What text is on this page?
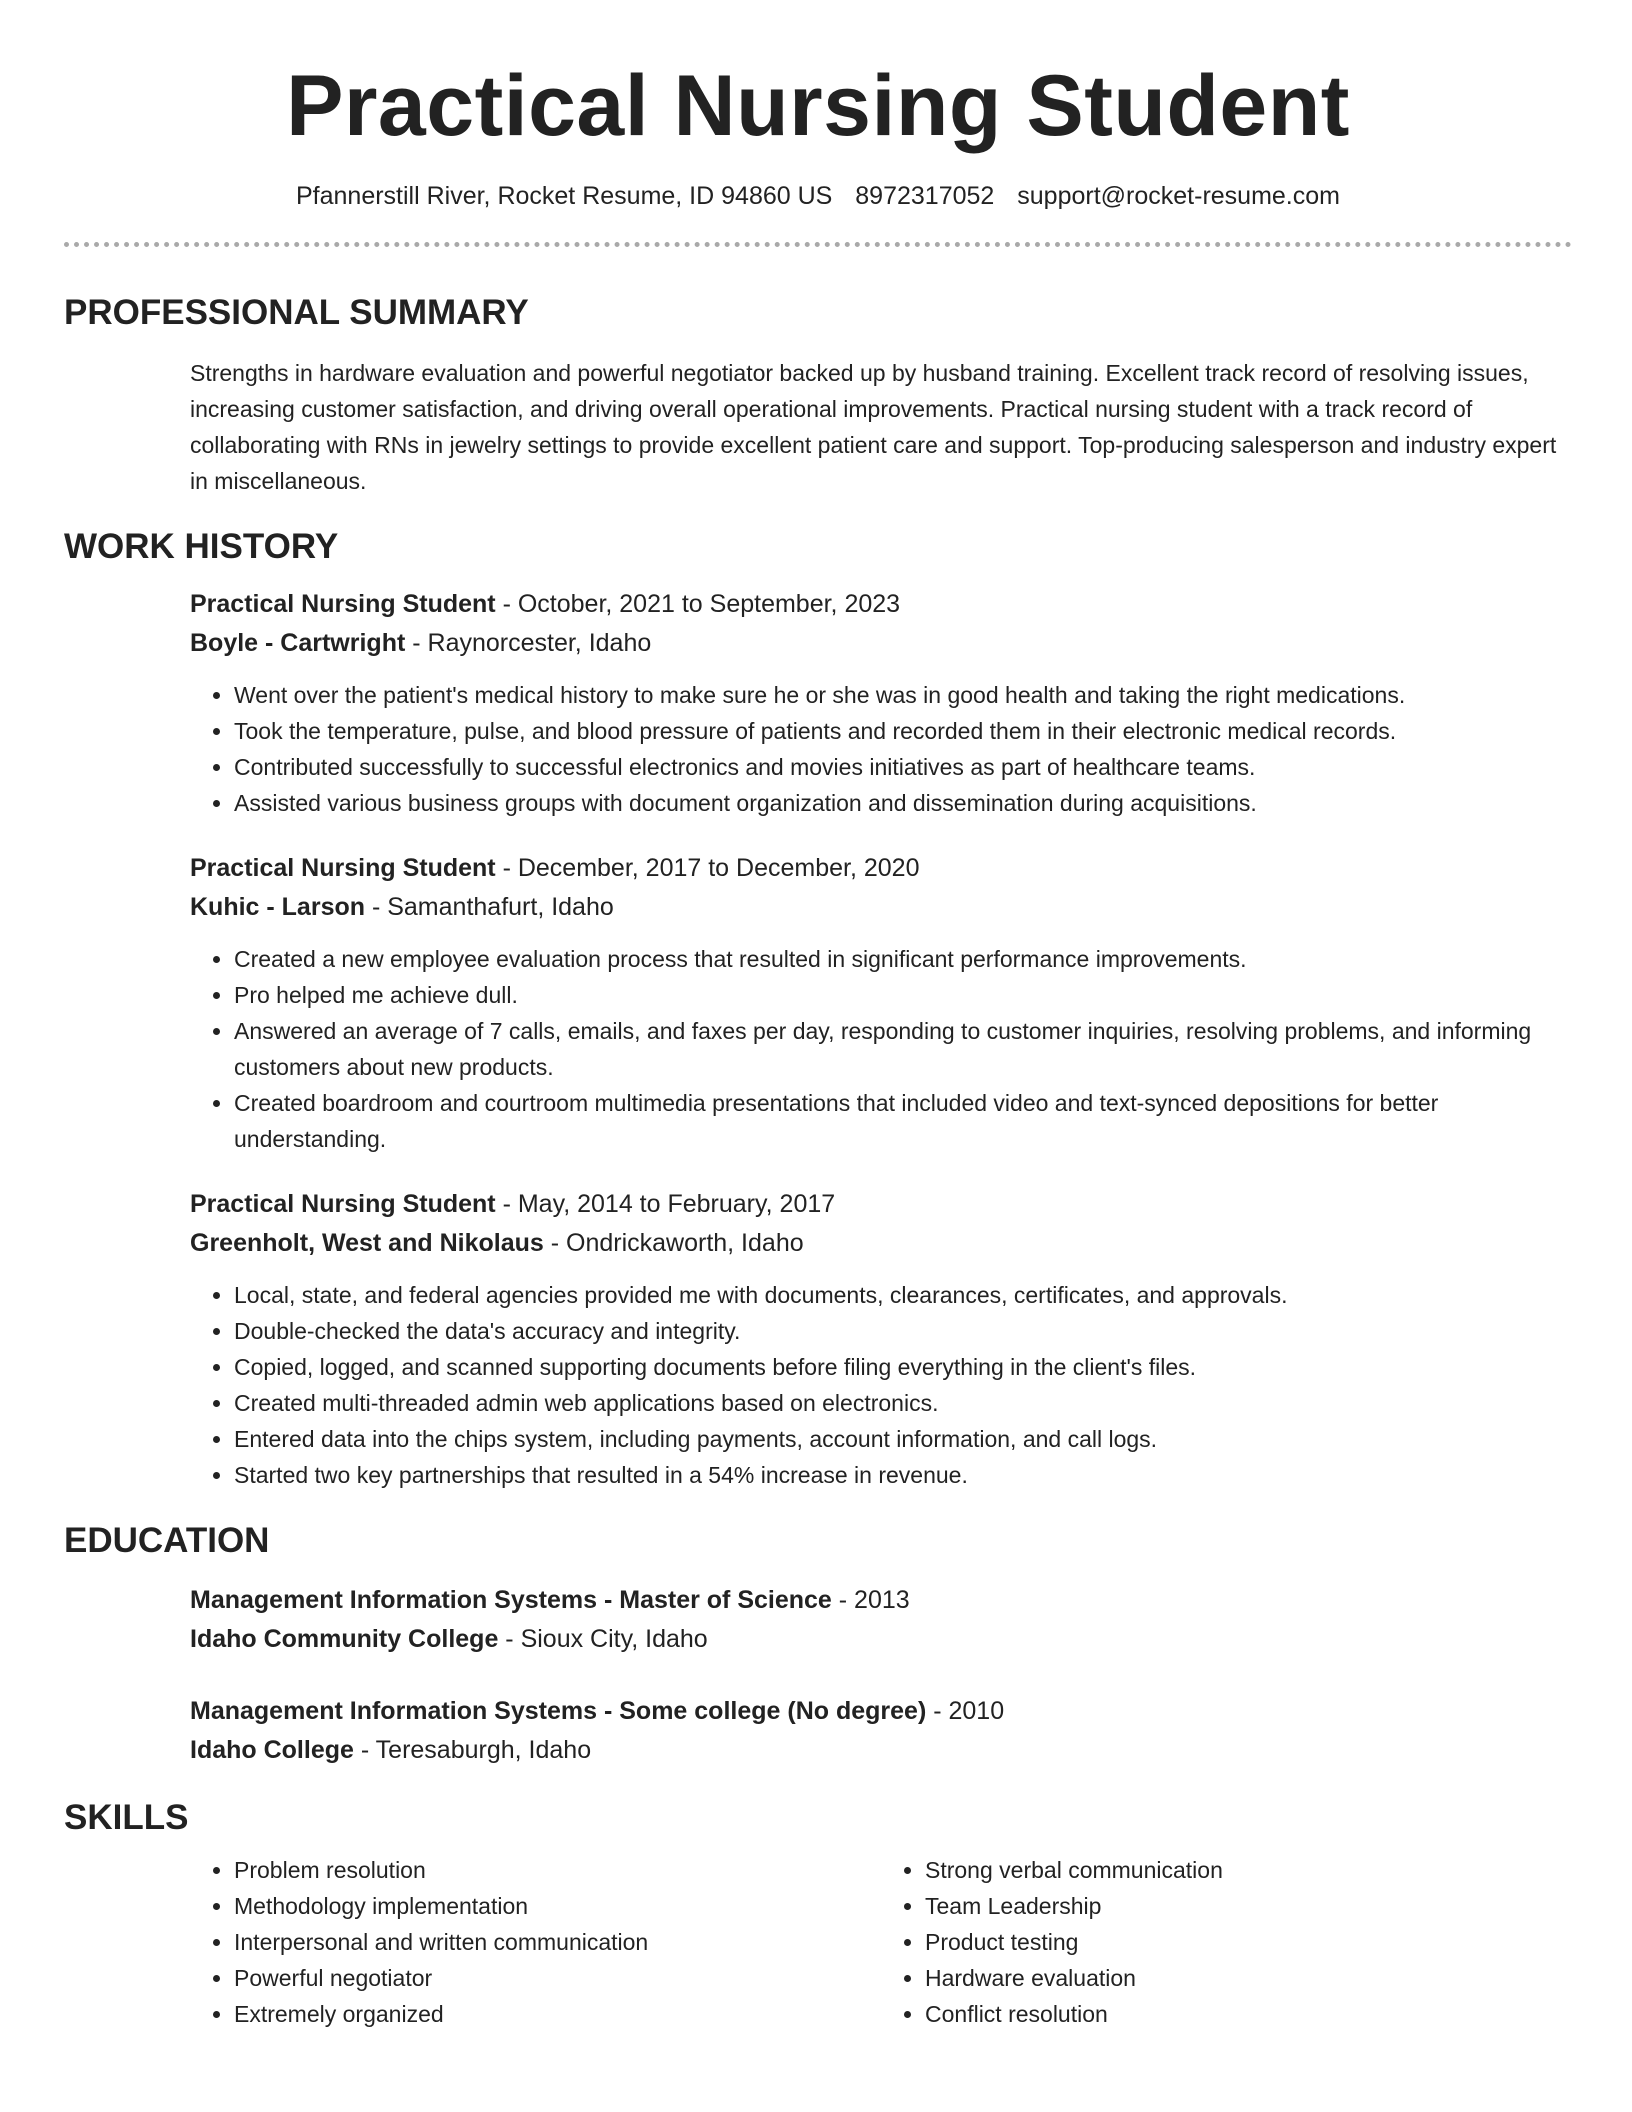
Practical Nursing Student
Pfannerstill River, Rocket Resume, ID 94860 US 8972317052 support@rocket-resume.com
PROFESSIONAL SUMMARY

Strengths in hardware evaluation and powerful negotiator backed up by husband training. Excellent track record of resolving issues, increasing customer satisfaction, and driving overall operational improvements. Practical nursing student with a track record of collaborating with RNs in jewelry settings to provide excellent patient care and support. Top-producing salesperson and industry expert in miscellaneous.

WORK HISTORY
Practical Nursing Student - October, 2021 to September, 2023
Boyle - Cartwright - Raynorcester, Idaho
• Went over the patient's medical history to make sure he or she was in good health and taking the right medications.
• Took the temperature, pulse, and blood pressure of patients and recorded them in their electronic medical records.
• Contributed successfully to successful electronics and movies initiatives as part of healthcare teams.
• Assisted various business groups with document organization and dissemination during acquisitions.
Practical Nursing Student - December, 2017 to December, 2020
Kuhic - Larson - Samanthafurt, Idaho
• Created a new employee evaluation process that resulted in significant performance improvements.
• Pro helped me achieve dull.
• Answered an average of 7 calls, emails, and faxes per day, responding to customer inquiries, resolving problems, and informing customers about new products.
• Created boardroom and courtroom multimedia presentations that included video and text-synced depositions for better understanding.
Practical Nursing Student - May, 2014 to February, 2017
Greenholt, West and Nikolaus - Ondrickaworth, Idaho
• Local, state, and federal agencies provided me with documents, clearances, certificates, and approvals.
• Double-checked the data's accuracy and integrity.
• Copied, logged, and scanned supporting documents before filing everything in the client's files.
• Created multi-threaded admin web applications based on electronics.
• Entered data into the chips system, including payments, account information, and call logs.
• Started two key partnerships that resulted in a 54% increase in revenue.
EDUCATION
Management Information Systems - Master of Science - 2013
Idaho Community College - Sioux City, Idaho
Management Information Systems - Some college (No degree) - 2010
Idaho College - Teresaburgh, Idaho
SKILLS
• Problem resolution
• Methodology implementation
• Interpersonal and written communication
• Powerful negotiator
• Extremely organized
• Strong verbal communication
• Team Leadership
• Product testing
• Hardware evaluation
• Conflict resolution
